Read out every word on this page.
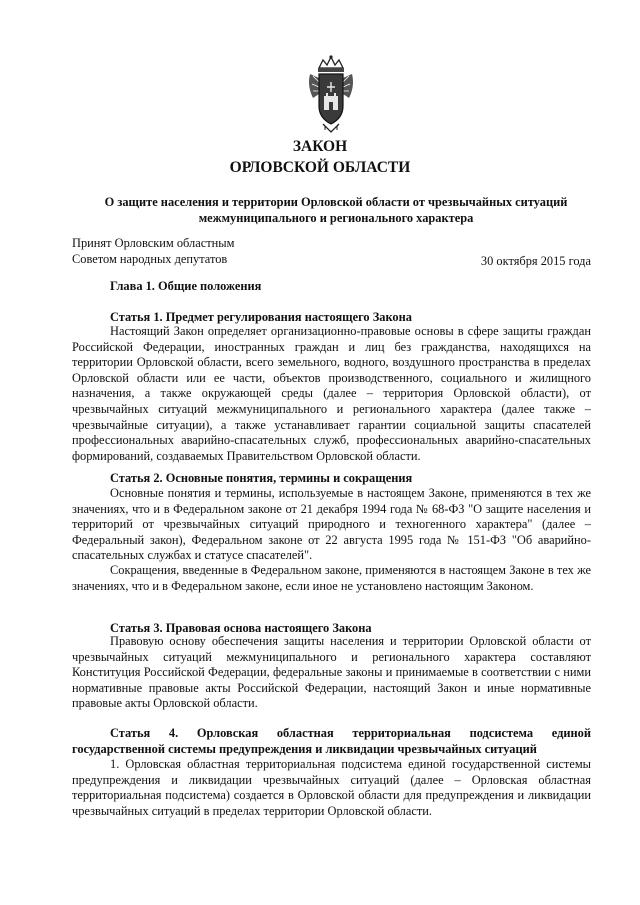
ЗАКОН
ОРЛОВСКОЙ ОБЛАСТИ
О защите населения и территории Орловской области от чрезвычайных ситуаций межмуниципального и регионального характера
Принят Орловским областным
Советом народных депутатов	30 октября 2015 года
Глава 1. Общие положения
Статья 1. Предмет регулирования настоящего Закона
Настоящий Закон определяет организационно-правовые основы в сфере защиты граждан Российской Федерации, иностранных граждан и лиц без гражданства, находящихся на территории Орловской области, всего земельного, водного, воздушного пространства в пределах Орловской области или ее части, объектов производственного, социального и жилищного назначения, а также окружающей среды (далее – территория Орловской области), от чрезвычайных ситуаций межмуниципального и регионального характера (далее также – чрезвычайные ситуации), а также устанавливает гарантии социальной защиты спасателей профессиональных аварийно-спасательных служб, профессиональных аварийно-спасательных формирований, создаваемых Правительством Орловской области.
Статья 2. Основные понятия, термины и сокращения
Основные понятия и термины, используемые в настоящем Законе, применяются в тех же значениях, что и в Федеральном законе от 21 декабря 1994 года № 68-ФЗ "О защите населения и территорий от чрезвычайных ситуаций природного и техногенного характера" (далее – Федеральный закон), Федеральном законе от 22 августа 1995 года № 151-ФЗ "Об аварийно-спасательных службах и статусе спасателей".
Сокращения, введенные в Федеральном законе, применяются в настоящем Законе в тех же значениях, что и в Федеральном законе, если иное не установлено настоящим Законом.
Статья 3. Правовая основа настоящего Закона
Правовую основу обеспечения защиты населения и территории Орловской области от чрезвычайных ситуаций межмуниципального и регионального характера составляют Конституция Российской Федерации, федеральные законы и принимаемые в соответствии с ними нормативные правовые акты Российской Федерации, настоящий Закон и иные нормативные правовые акты Орловской области.
Статья 4. Орловская областная территориальная подсистема единой государственной системы предупреждения и ликвидации чрезвычайных ситуаций
1. Орловская областная территориальная подсистема единой государственной системы предупреждения и ликвидации чрезвычайных ситуаций (далее – Орловская областная территориальная подсистема) создается в Орловской области для предупреждения и ликвидации чрезвычайных ситуаций в пределах территории Орловской области.
